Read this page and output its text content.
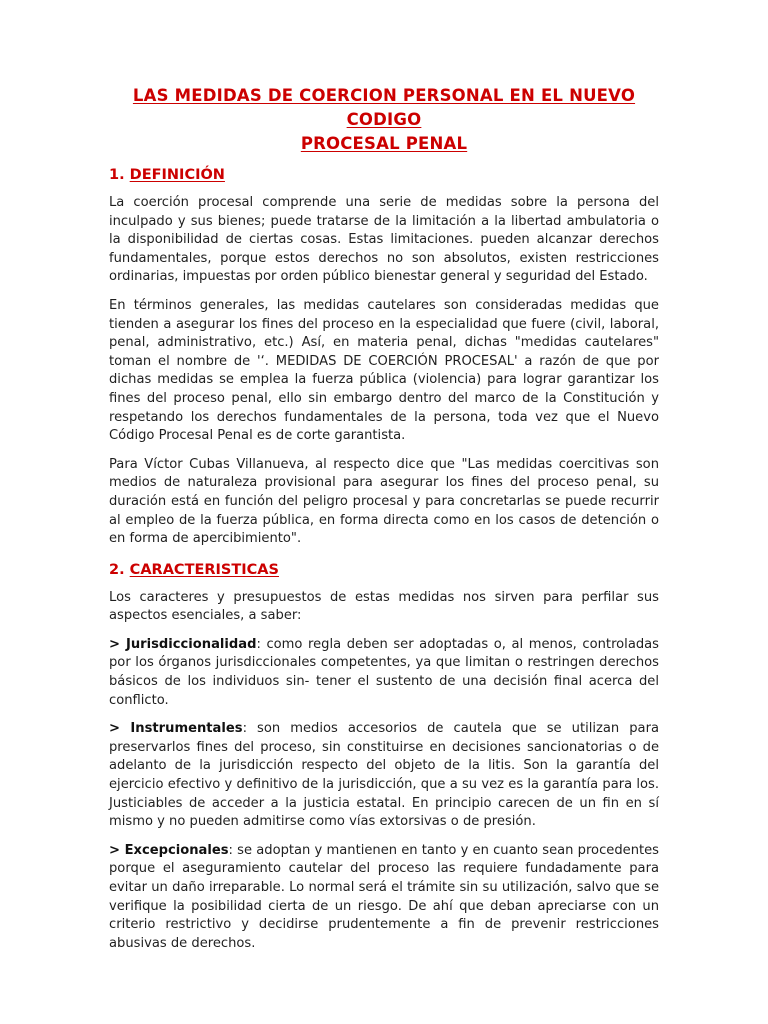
LAS MEDIDAS DE COERCION PERSONAL EN EL NUEVO CODIGO
PROCESAL PENAL
1. DEFINICIÓN

La coerción procesal comprende una serie de medidas sobre la persona del inculpado y sus bienes; puede tratarse de la limitación a la libertad ambulatoria o la disponibilidad de ciertas cosas. Estas limitaciones. pueden alcanzar derechos fundamentales, porque estos derechos no son absolutos, existen restricciones ordinarias, impuestas por orden público bienestar general y seguridad del Estado.

En términos generales, las medidas cautelares son consideradas medidas que tienden a asegurar los fines del proceso en la especialidad que fuere (civil, laboral, penal, administrativo, etc.) Así, en materia penal, dichas "medidas cautelares" toman el nombre de '‘. MEDIDAS DE COERCIÓN PROCESAL' a razón de que por dichas medidas se emplea la fuerza pública (violencia) para lograr garantizar los fines del proceso penal, ello sin embargo dentro del marco de la Constitución y respetando los derechos fundamentales de la persona, toda vez que el Nuevo Código Procesal Penal es de corte garantista.

Para Víctor Cubas Villanueva, al respecto dice que "Las medidas coercitivas son medios de naturaleza provisional para asegurar los fines del proceso penal, su duración está en función del peligro procesal y para concretarlas se puede recurrir al empleo de la fuerza pública, en forma directa como en los casos de detención o en forma de apercibimiento".

2. CARACTERISTICAS

Los caracteres y presupuestos de estas medidas nos sirven para perfilar sus aspectos esenciales, a saber:

> Jurisdiccionalidad: como regla deben ser adoptadas o, al menos, controladas por los órganos jurisdiccionales competentes, ya que limitan o restringen derechos básicos de los individuos sin- tener el sustento de una decisión final acerca del conflicto.

> Instrumentales: son medios accesorios de cautela que se utilizan para preservarlos fines del proceso, sin constituirse en decisiones sancionatorias o de adelanto de la jurisdicción respecto del objeto de la litis. Son la garantía del ejercicio efectivo y definitivo de la jurisdicción, que a su vez es la garantía para los. Justiciables de acceder a la justicia estatal. En principio carecen de un fin en sí mismo y no pueden admitirse como vías extorsivas o de presión.

> Excepcionales: se adoptan y mantienen en tanto y en cuanto sean procedentes porque el aseguramiento cautelar del proceso las requiere fundadamente para evitar un daño irreparable. Lo normal será el trámite sin su utilización, salvo que se verifique la posibilidad cierta de un riesgo. De ahí que deban apreciarse con un criterio restrictivo y decidirse prudentemente a fin de prevenir restricciones abusivas de derechos.
